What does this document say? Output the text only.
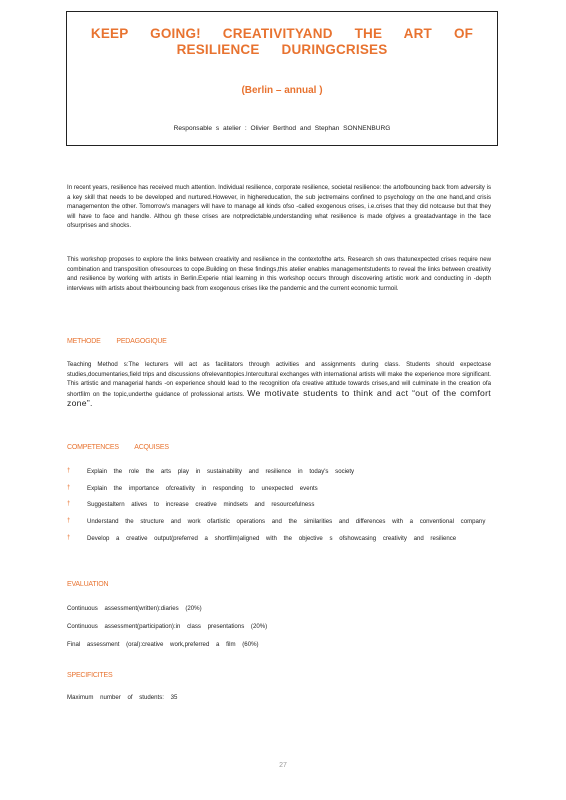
KEEP GOING! CREATIVITYAND THE ART OF RESILIENCE DURINGCRISES
(Berlin – annual )
Responsable s atelier : Olivier Berthod and Stephan SONNENBURG
In recent years, resilience has received much attention. Individual resilience, corporate resilience, societal resilience: the artofbouncing back from adversity is a key skill that needs to be developed and nurtured.However, in highereducation, the sub jectremains confined to psychology on the one hand,and crisis managementon the other. Tomorrow's managers will have to manage all kinds ofso -called exogenous crises, i.e.crises that they did notcause but that they will have to face and handle. Althou gh these crises are notpredictable,understanding what resilience is made ofgives a greatadvantage in the face ofsurprises and shocks.
This workshop proposes to explore the links between creativity and resilience in the contextofthe arts. Research sh ows thatunexpected crises require new combination and transposition ofresources to cope.Building on these findings,this atelier enables managementstudents to reveal the links between creativity and resilience by working with artists in Berlin.Experie ntial learning in this workshop occurs through discovering artistic work and conducting in -depth interviews with artists about theirbouncing back from exogenous crises like the pandemic and the current economic turmoil.
METHODE PEDAGOGIQUE
Teaching Method s:The lecturers will act as facilitators through activities and assignments during class. Students should expectcase studies,documentaries,field trips and discussions ofrelevanttopics.Intercultural exchanges with international artists will make the experience more significant. This artistic and managerial hands -on experience should lead to the recognition ofa creative attitude towards crises,and will culminate in the creation ofa shortfilm on the topic,underthe guidance of professional artists. We motivate students to think and act “out of the comfort zone”.
COMPETENCES ACQUISES
†	Explain the role the arts play in sustainability and resilience in today's society
†	Explain the importance ofcreativity in responding to unexpected events
†	Suggestaltern atives to increase creative mindsets and resourcefulness
†	Understand the structure and work ofartistic operations and the similarities and differences with a conventional company
†	Develop a creative output(preferred a shortfilm)aligned with the objective s ofshowcasing creativity and resilience
EVALUATION
Continuous assessment(written):diaries (20%)
Continuous assessment(participation):in class presentations (20%)
Final assessment (oral):creative work,preferred a film (60%)
SPECIFICITES
Maximum number of students: 35
27
